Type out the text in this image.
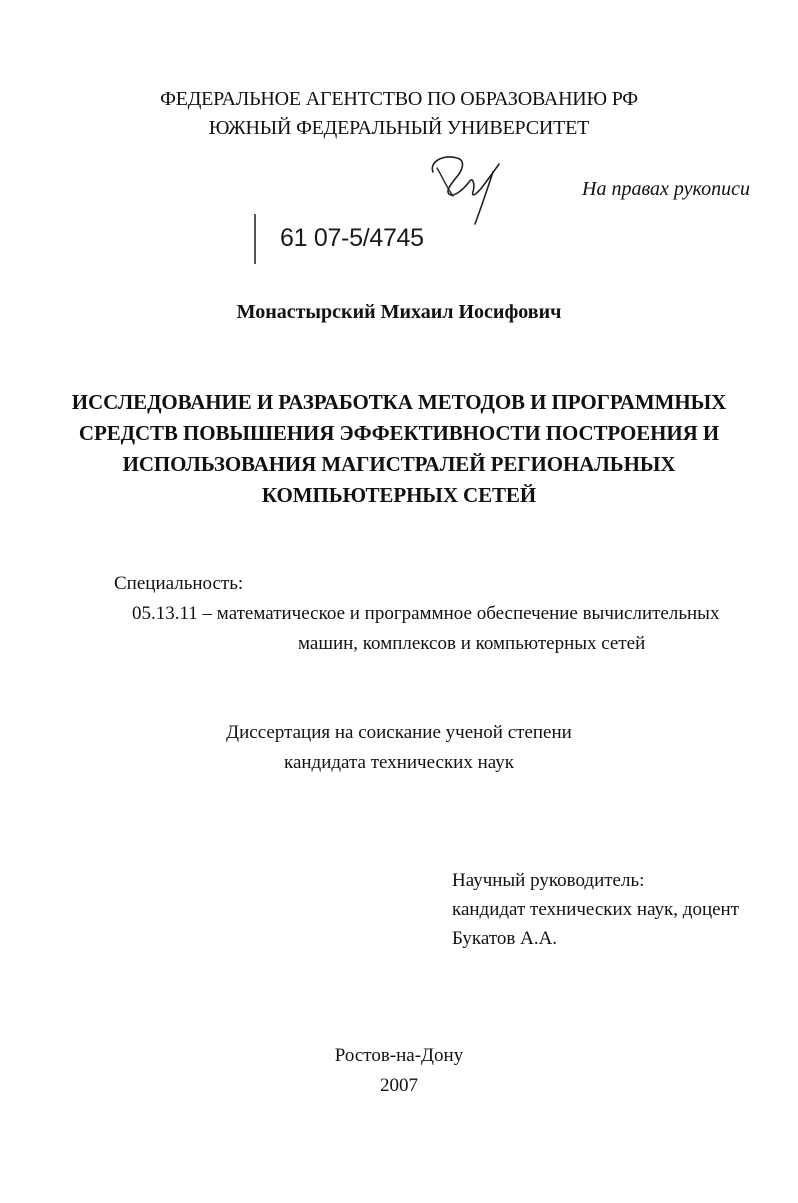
ФЕДЕРАЛЬНОЕ АГЕНТСТВО ПО ОБРАЗОВАНИЮ РФ
ЮЖНЫЙ ФЕДЕРАЛЬНЫЙ УНИВЕРСИТЕТ
На правах рукописи
61 07-5/4745
Монастырский Михаил Иосифович
ИССЛЕДОВАНИЕ И РАЗРАБОТКА МЕТОДОВ И ПРОГРАММНЫХ
СРЕДСТВ ПОВЫШЕНИЯ ЭФФЕКТИВНОСТИ ПОСТРОЕНИЯ И
ИСПОЛЬЗОВАНИЯ МАГИСТРАЛЕЙ РЕГИОНАЛЬНЫХ
КОМПЬЮТЕРНЫХ СЕТЕЙ
Специальность:
05.13.11 – математическое и программное обеспечение вычислительных
машин, комплексов и компьютерных сетей
Диссертация на соискание ученой степени
кандидата технических наук
Научный руководитель:
кандидат технических наук, доцент
Букатов А.А.
Ростов-на-Дону
2007
